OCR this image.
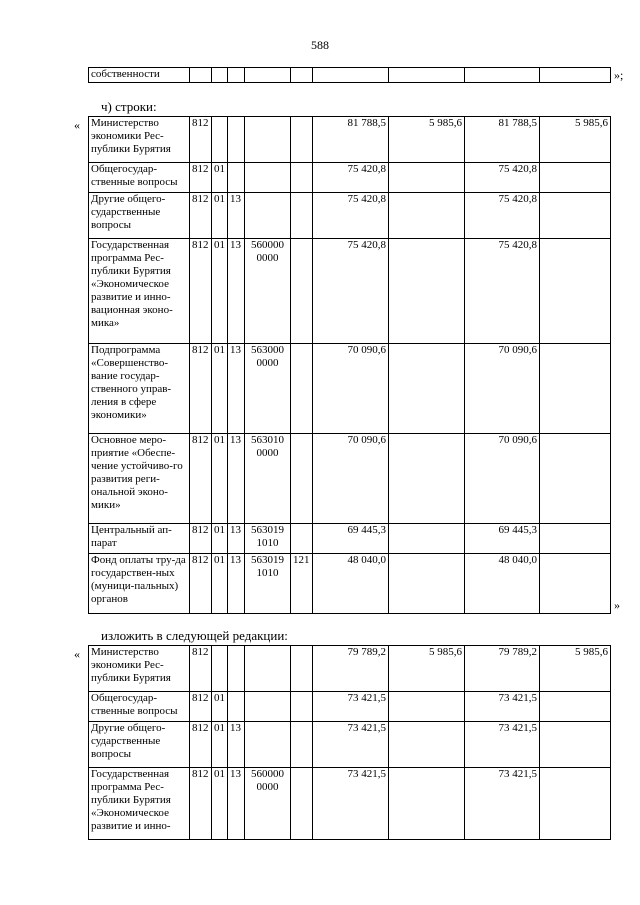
588
собственности										»;
ч) строки:
« Министерство экономики Рес-публики Бурятия	812					81 788,5	5 985,6	81 788,5	5 985,6
Общегосудар-ственные вопросы	812	01				75 420,8		75 420,8	
Другие общего-сударственные вопросы	812	01	13			75 420,8		75 420,8	
Государственная программа Рес-публики Бурятия «Экономическое развитие и инно-вационная эконо-мика»	812	01	13	560000 0000		75 420,8		75 420,8	
Подпрограмма «Совершенство-вание государ-ственного управ-ления в сфере экономики»	812	01	13	563000 0000		70 090,6		70 090,6	
Основное меро-приятие «Обеспе-чение устойчиво-го развития реги-ональной эконо-мики»	812	01	13	563010 0000		70 090,6		70 090,6	
Центральный ап-парат	812	01	13	563019 1010		69 445,3		69 445,3	
Фонд оплаты тру-да государствен-ных (муници-пальных) органов	812	01	13	563019 1010	121	48 040,0		48 040,0	
»
изложить в следующей редакции:
« Министерство экономики Рес-публики Бурятия	812					79 789,2	5 985,6	79 789,2	5 985,6
Общегосудар-ственные вопросы	812	01				73 421,5		73 421,5	
Другие общего-сударственные вопросы	812	01	13			73 421,5		73 421,5	
Государственная программа Рес-публики Бурятия «Экономическое развитие и инно-	812	01	13	560000 0000		73 421,5		73 421,5	
